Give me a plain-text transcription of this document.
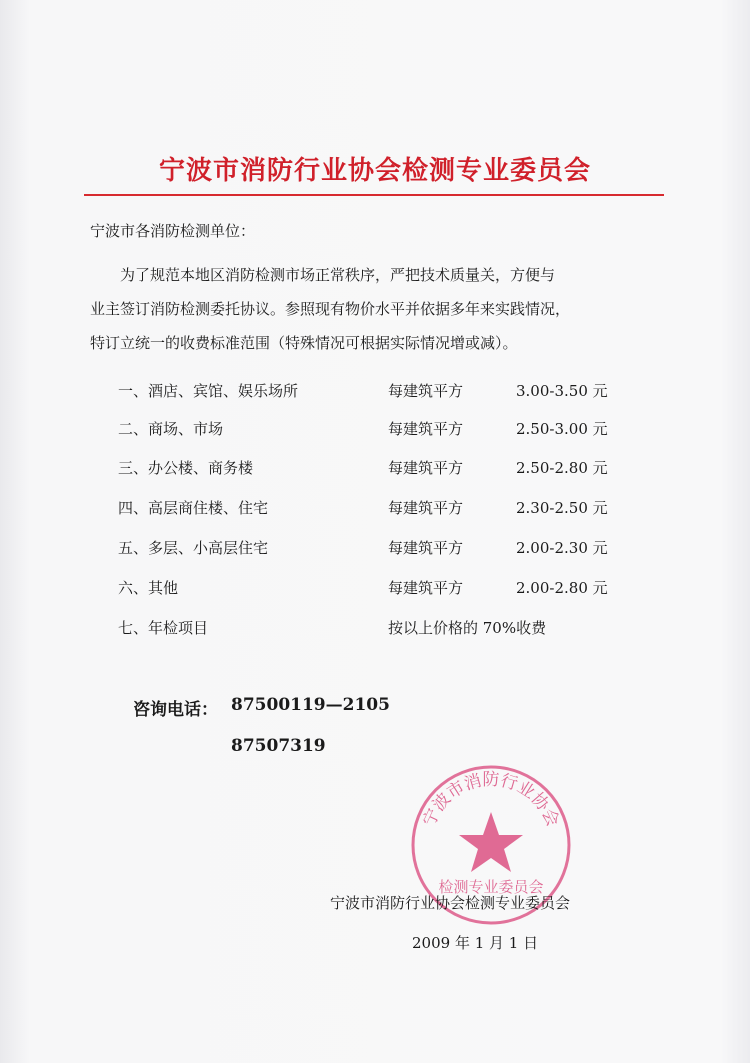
宁波市消防行业协会检测专业委员会
宁波市各消防检测单位：
为了规范本地区消防检测市场正常秩序，严把技术质量关，方便与
业主签订消防检测委托协议。参照现有物价水平并依据多年来实践情况，
特订立统一的收费标准范围（特殊情况可根据实际情况增或减）。
一、酒店、宾馆、娱乐场所	每建筑平方	3.00-3.50 元
二、商场、市场	每建筑平方	2.50-3.00 元
三、办公楼、商务楼	每建筑平方	2.50-2.80 元
四、高层商住楼、住宅	每建筑平方	2.30-2.50 元
五、多层、小高层住宅	每建筑平方	2.00-2.30 元
六、其他	每建筑平方	2.00-2.80 元
七、年检项目	按以上价格的 70%收费
咨询电话： 87500119—2105
87507319
宁波市消防行业协会
检测专业委员会
宁波市消防行业协会检测专业委员会
2009 年 1 月 1 日
